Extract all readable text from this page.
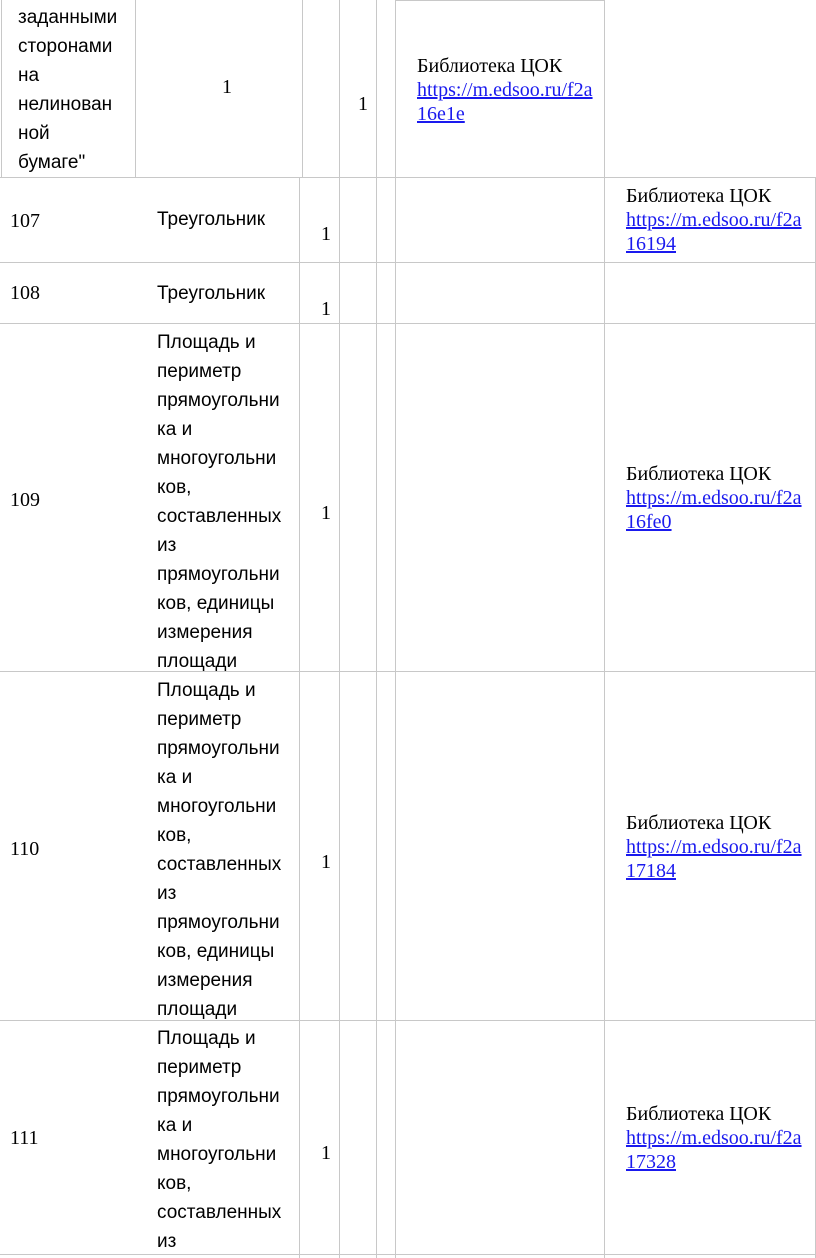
заданными
сторонами
на
нелинован
ной
бумаге"
1
1
Библиотека ЦОК
https://m.edsoo.ru/f2a
16e1e
107	Треугольник
1
Библиотека ЦОК
https://m.edsoo.ru/f2a
16194
108	Треугольник
1
109
Площадь и
периметр
прямоугольни
ка и
многоугольни
ков,
составленных
из
прямоугольни
ков, единицы
измерения
площади
1
Библиотека ЦОК
https://m.edsoo.ru/f2a
16fe0
110
Площадь и
периметр
прямоугольни
ка и
многоугольни
ков,
составленных
из
прямоугольни
ков, единицы
измерения
площади
1
Библиотека ЦОК
https://m.edsoo.ru/f2a
17184
111
Площадь и
периметр
прямоугольни
ка и
многоугольни
ков,
составленных
из
1
Библиотека ЦОК
https://m.edsoo.ru/f2a
17328
